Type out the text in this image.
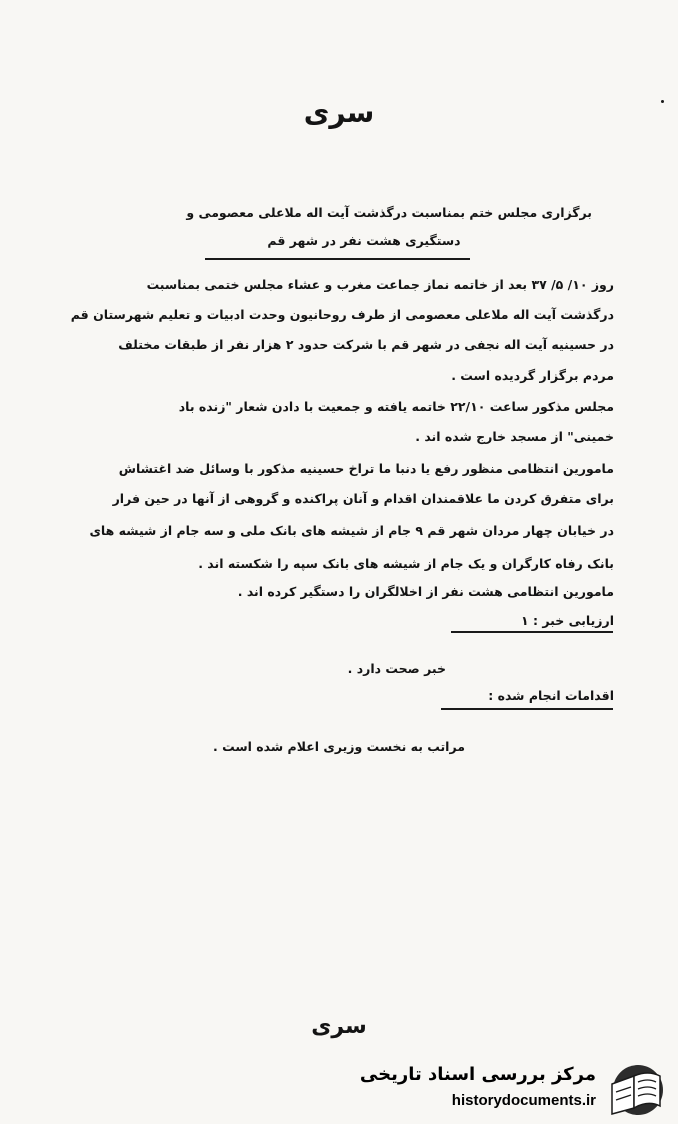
سری
برگزاری مجلس ختم بمناسبت درگذشت آیت اله ملاعلی معصومی و
دستگیری هشت نفر در شهر قم
روز ۱۰/ ۵/ ۳۷ بعد از خاتمه نماز جماعت مغرب و عشاء مجلس ختمی بمناسبت
درگذشت آیت اله ملاعلی معصومی از طرف روحانیون وحدت ادبیات و تعلیم شهرستان قم
در حسینیه آیت اله نجفی در شهر قم با شرکت حدود ۲ هزار نفر از طبقات مختلف
مردم برگزار گردیده است .
مجلس مذکور ساعت ۲۲/۱۰ خاتمه یافته و جمعیت با دادن شعار "زنده باد
خمینی" از مسجد خارج شده اند .
مامورین انتظامی منظور رفع یا دنبا ما تراخ حسینیه مذکور با وسائل ضد اغتشاش
برای متفرق کردن ما علاقمندان اقدام و آنان پراکنده و گروهی از آنها در حین فرار
در خیابان چهار مردان شهر قم ۹ جام از شیشه های بانک ملی و سه جام از شیشه های
بانک رفاه کارگران و یک جام از شیشه های بانک سپه را شکسته اند .
مامورین انتظامی هشت نفر از اخلالگران را دستگیر کرده اند .
ارزیابی خبر : ۱
خبر صحت دارد .
اقدامات انجام شده :
مراتب به نخست وزیری اعلام شده است .
سری
مرکز بررسی اسناد تاریخی
historydocuments.ir
